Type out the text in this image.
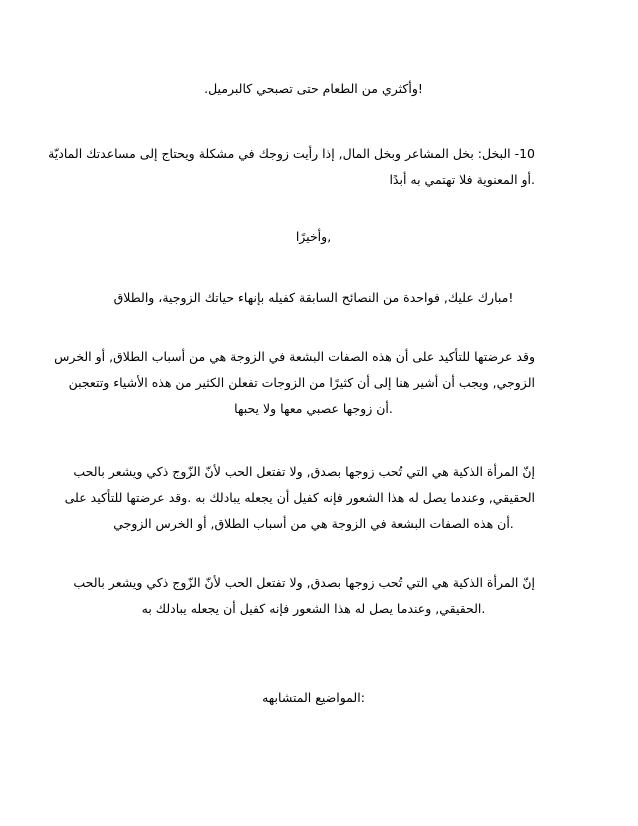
!وأكثري من الطعام حتى تصبحي كالبرميل.
10- البخل: بخل المشاعر وبخل المال, إذا رأيت زوجك في مشكلة ويحتاج إلى مساعدتك الماديّة
.أو المعنوية فلا تهتمي به أبدًا
,وأخيرًا
!مبارك عليك, فواحدة من النصائح السابقة كفيله بإنهاء حياتك الزوجية، والطلاق
وقد عرضتها للتأكيد على أن هذه الصفات البشعة في الزوجة هي من أسباب الطلاق, أو الخرس
الزوجي, ويجب أن أشير هنا إلى أن كثيرًا من الزوجات تفعلن الكثير من هذه الأشياء وتتعجبن
.أن زوجها عصبي معها ولا يحبها
إنّ المرأة الذكية هي التي تُحب زوجها بصدق, ولا تفتعل الحب لأنّ الزّوج ذكي ويشعر بالحب
الحقيقي, وعندما يصل له هذا الشعور فإنه كفيل أن يجعله يبادلك به .وقد عرضتها للتأكيد على
.أن هذه الصفات البشعة في الزوجة هي من أسباب الطلاق, أو الخرس الزوجي
إنّ المرأة الذكية هي التي تُحب زوجها بصدق, ولا تفتعل الحب لأنّ الزّوج ذكي ويشعر بالحب
.الحقيقي, وعندما يصل له هذا الشعور فإنه كفيل أن يجعله يبادلك به
:المواضيع المتشابهه
